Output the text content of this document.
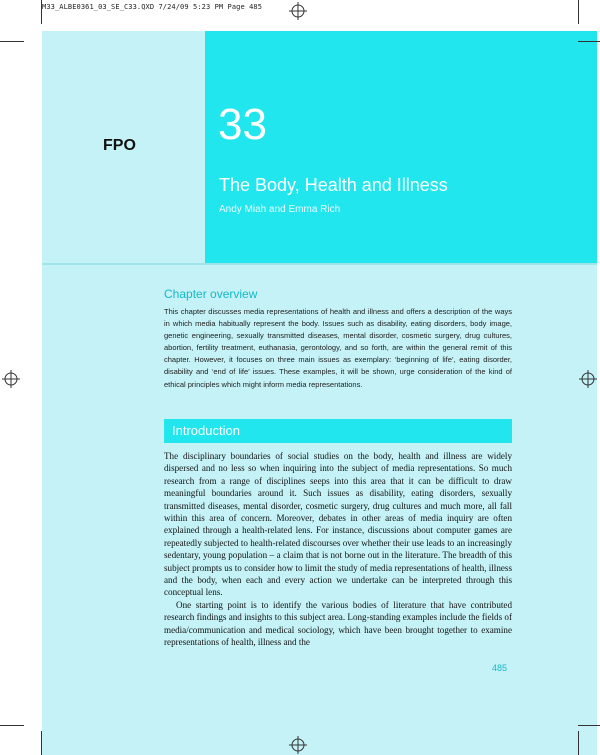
M33_ALBE0361_03_SE_C33.QXD 7/24/09 5:23 PM Page 485
FPO 33
The Body, Health and Illness
Andy Miah and Emma Rich
Chapter overview
This chapter discusses media representations of health and illness and offers a description of the ways in which media habitually represent the body. Issues such as disability, eating disorders, body image, genetic engineering, sexually transmitted diseases, mental disorder, cosmetic surgery, drug cultures, abortion, fertility treatment, euthanasia, gerontology, and so forth, are within the general remit of this chapter. However, it focuses on three main issues as exemplary: ‘beginning of life’, eating disorder, disability and ‘end of life’ issues. These examples, it will be shown, urge consideration of the kind of ethical principles which might inform media representations.
Introduction

The disciplinary boundaries of social studies on the body, health and illness are widely dispersed and no less so when inquiring into the subject of media representations. So much research from a range of disciplines seeps into this area that it can be difficult to draw meaningful boundaries around it. Such issues as disability, eating disorders, sexually transmitted diseases, mental disorder, cosmetic surgery, drug cultures and much more, all fall within this area of concern. Moreover, debates in other areas of media inquiry are often explained through a health-related lens. For instance, discussions about computer games are repeatedly subjected to health-related discourses over whether their use leads to an increasingly sedentary, young population – a claim that is not borne out in the literature. The breadth of this subject prompts us to consider how to limit the study of media representations of health, illness and the body, when each and every action we undertake can be interpreted through this conceptual lens.

One starting point is to identify the various bodies of literature that have contributed research findings and insights to this subject area. Long-standing examples include the fields of media/communication and medical sociology, which have been brought together to examine representations of health, illness and the

485
